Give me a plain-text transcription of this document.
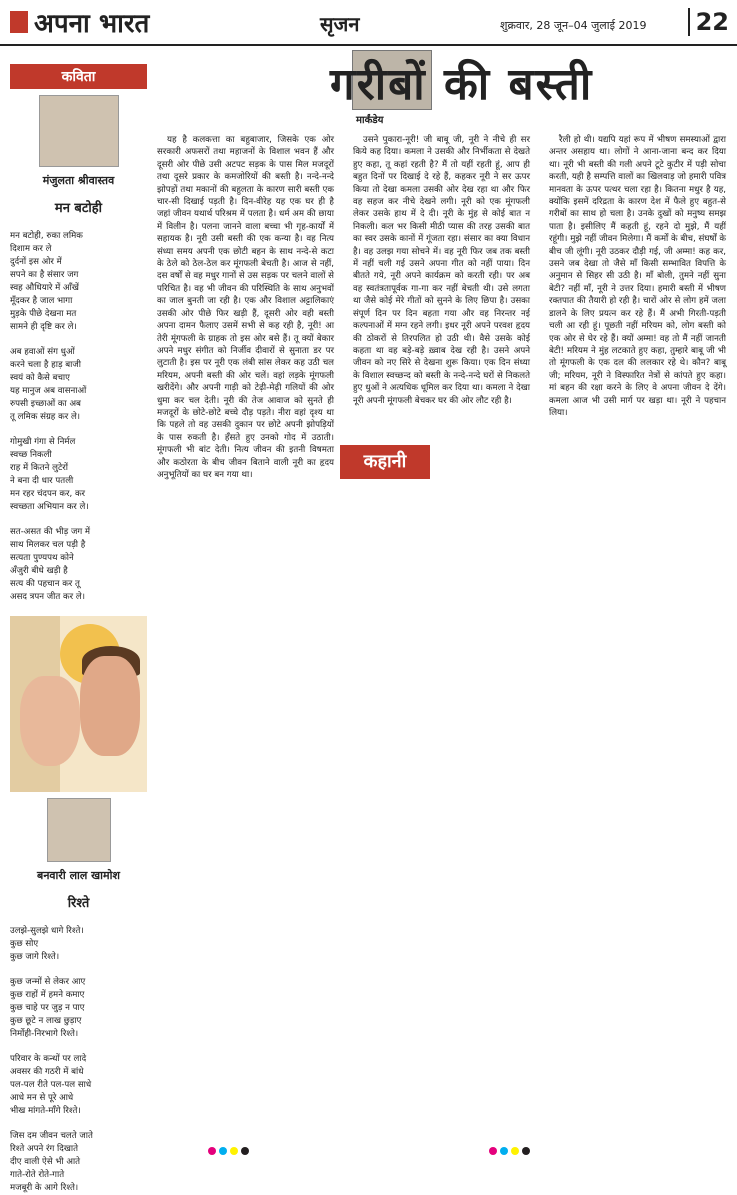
अपना भारत	सृजन	शुक्रवार, 28 जून–04 जुलाई 2019	22
कविता
मंजुलता श्रीवास्तव
मन बटोही
मन बटोही, रुका लमिक
दिशाम कर ले
दुर्दनों इस ओर में
सपने का है संसार जग
स्वह औधियारे में आँखें
मूँदकर है जाल भागा
मुड़के पीछे देखना मत
सामने ही दृष्टि कर ले।
अब हवाओं संग धुओं
करने चला है हाड़ बाजी
स्वयं को कैसे बचाए
यह मानुज अब वासनाओं
रुपसी इच्छाओं का अब
तू लमिक संग्रह कर ले।
गोमुखी गंगा से निर्मल
स्वच्छ निकली
राह में कितने लुटेरों
ने बना दी धार पतली
मन रहर चंदपन कर, कर
स्वच्छता अभियान कर ले।
सत-असत की भीड़ जग में
साथ मिलकर चल पड़ी है
सत्यता पुण्यपथ कोने
अँजुरी बीधे खड़ी है
सत्य की पहचान कर तू
असद त्रपन जीत कर ले।
बनवारी लाल खामोश
रिश्ते
उलझे-सुलझे धागे रिश्ते।
कुछ सोए
कुछ जागे रिश्ते।
कुछ जन्मों से लेकर आए
कुछ राहों में हमने कमाए
कुछ चाहे पर जुड़ न पाए
कुछ छूटे न लाख छुड़ाए
निर्मोही-निरभागे रिश्ते।
परिवार के कन्धों पर लादे
अवसर की गठरी में बांधे
पल-पल रीते पल-पल साधे
आधे मन से पूरे आधे
भीख मांगते-माँगे रिश्ते।
जिस दम जीवन चलते जाते
रिश्ते अपने रंग दिखाते
दीए वाली ऐसे भी आते
गाते-रोते रोते-गाते
मजबूरी के आगे रिश्ते।
मार्कंडेय
गरीबों की बस्ती

यह है कलकत्ता का बहुबाजार, जिसके एक ओर सरकारी अफसरों तथा महाजनों के विशाल भवन हैं और दूसरी ओर पीछे उसी अटपट सड़क के पास मिल मजदूरों तथा दूसरे प्रकार के कमजोरियों की बस्ती है। नन्दे-नन्दे झोपड़ों तथा मकानों की बहुलता के कारण सारी बस्ती एक चार-सी दिखाई पड़ती है। दिन-वीरेह यह एक घर ही है जहां जीवन यथार्थ परिश्रम में पलता है। धर्म अम की छाया में विलीन है। पलना जानने वाला बच्चा भी गृह-कार्यों में सहायक है। नूरी उसी बस्ती की एक कन्या है। वह नित्य संध्या समय अपनी एक छोटी बहन के साथ नन्दे-से कटा के ठेले को ठेल-ठेल कर मूंगफली बेचती है। आज से नहीं, दस वर्षों से वह मधुर गानों से उस सड़क पर चलने वालों से परिचित है। वह भी जीवन की परिस्थिति के साथ अनुभवों का जाल बुनती जा रही है। एक और विशाल अट्टालिकाएं उसकी ओर पीछे फिर खड़ी हैं, दूसरी ओर वही बस्ती अपना दामन फैलाए उसमें सभी से कह रही है, नूरी! आ तेरी मूंगफली के ग्राहक तो इस ओर बसे हैं। तू क्यों बेकार अपने मधुर संगीत को निर्जीव दीवारों से सुनाता डर पर लुटाती है। इस पर नूरी एक लंबी सांस लेकर कह उठी चल मरियम, अपनी बस्ती की ओर चलें। वहां लड़के मूंगफली खरीदेंगे। और अपनी गाड़ी को टेढ़ी-मेढ़ी गलियों की ओर धुमा कर चल देती। नूरी की तेज आवाज को सुनते ही मजदूरों के छोटे-छोटे बच्चे दौड़ पड़ते। नीरा वहां दृश्य था कि पहले तो वह उसकी दुकान पर छोटे अपनी झोपड़ियों के पास रुकती है। हँसते हुए उनको गोद में उठाती। मूंगफली भी बांट देती। नित्य जीवन की इतनी विषमता और कठोरता के बीच जीवन बिताने वाली नूरी का हृदय अनुभूतियों का घर बन गया था।

उसने पुकारा-नूरी! जी बाबू जी, नूरी ने नीचे ही सर किये कह दिया। कमला ने उसकी और निर्भीकता से देखते हुए कहा, तू कहां रहती है? मैं तो यहीं रहती हूं, आप ही बहुत दिनों पर दिखाई दे रहे हैं, कहकर नूरी ने सर ऊपर किया तो देखा कमला उसकी ओर देख रहा था और फिर वह सहज कर नीचे देखने लगी। नूरी को एक मूंगफली लेकर उसके हाथ में दे दी। नूरी के मुंह से कोई बात न निकली। कल भर किसी मीठी प्यास की तरह उसकी बात का स्वर उसके कानों में गूंजता रहा। संसार का क्या विधान है। वह उलझ गया सोचने में। वह नूरी फिर जब तक बस्ती में नहीं चली गई उसने अपना गीत को नहीं पाया। दिन बीतते गये, नूरी अपने कार्यक्रम को करती रही। पर अब वह स्वतंत्रतापूर्वक गा-गा कर नहीं बेचती थी। उसे लगता था जैसे कोई मेरे गीतों को सुनने के लिए छिपा है। उसका संपूर्ण दिन पर दिन बहता गया और वह निरन्तर नई कल्पनाओं में मग्न रहने लगी। इधर नूरी अपने परवश हृदय की ठोकरों से तिरपलित हो उठी थी। वैसे उसके कोई कहता था वह बड़े-बड़े ख़्वाब देख रही है। उसने अपने जीवन को नए सिरे से देखना शुरू किया। एक दिन संध्या के विशाल स्वच्छन्द को बस्ती के नन्दे-नन्दे घरों से निकलते हुए धुओं ने अत्यधिक धूमिल कर दिया था। कमला ने देखा नूरी अपनी मूंगफली बेचकर घर की ओर लौट रही है।

रैली हो थी। यद्यपि यहां रूप में भीषण समस्याओं द्वारा अन्तर असहाय था। लोगों ने आना-जाना बन्द कर दिया था। नूरी भी बस्ती की गली अपने टूटे कुटीर में पड़ी सोचा करती, यही है सम्पत्ति वालों का खिलवाड़ जो हमारी पवित्र मानवता के ऊपर पत्थर चला रहा है। कितना मधुर है यह, क्योंकि इसमें दरिद्रता के कारण देश में फैले हुए बहुत-से गरीबों का साथ हो चला है। उनके दुखों को मनुष्य समझ पाता है। इसीलिए मैं कहती हूं, रहने दो मुझे, मैं यहीं रहूंगी। मुझे नहीं जीवन मिलेगा। मैं कर्मों के बीच, संघर्षों के बीच जी लूंगी। नूरी उठकर दौड़ी गई, जी अम्मा! कह कर, उसने जब देखा तो जैसे माँ किसी सम्भावित विपत्ति के अनुमान से सिहर सी उठी है। माँ बोली, तुमने नहीं सुना बेटी? नहीं माँ, नूरी ने उत्तर दिया। हमारी बस्ती में भीषण रक्तपात की तैयारी हो रही है। चारों ओर से लोग हमें जला डालने के लिए प्रयत्न कर रहे हैं। मैं अभी गिरती-पड़ती चली आ रही हूं। पूछती नहीं मरियम को, लोग बस्ती को एक ओर से घेर रहे हैं। क्यों अम्मा! वह तो मैं नहीं जानती बेटी! मरियम ने मुंह लटकाते हुए कहा, तुम्हारे बाबू जी भी तो मूंगफली के एक दल की ललकार रहे थे। कौन? बाबू जी; मरियम, नूरी ने विस्फारित नेत्रों से कांपते हुए कहा। मां बहन की रक्षा करने के लिए वे अपना जीवन दे देंगे। कमला आज भी उसी मार्ग पर खड़ा था। नूरी ने पहचान लिया।

कहानी
